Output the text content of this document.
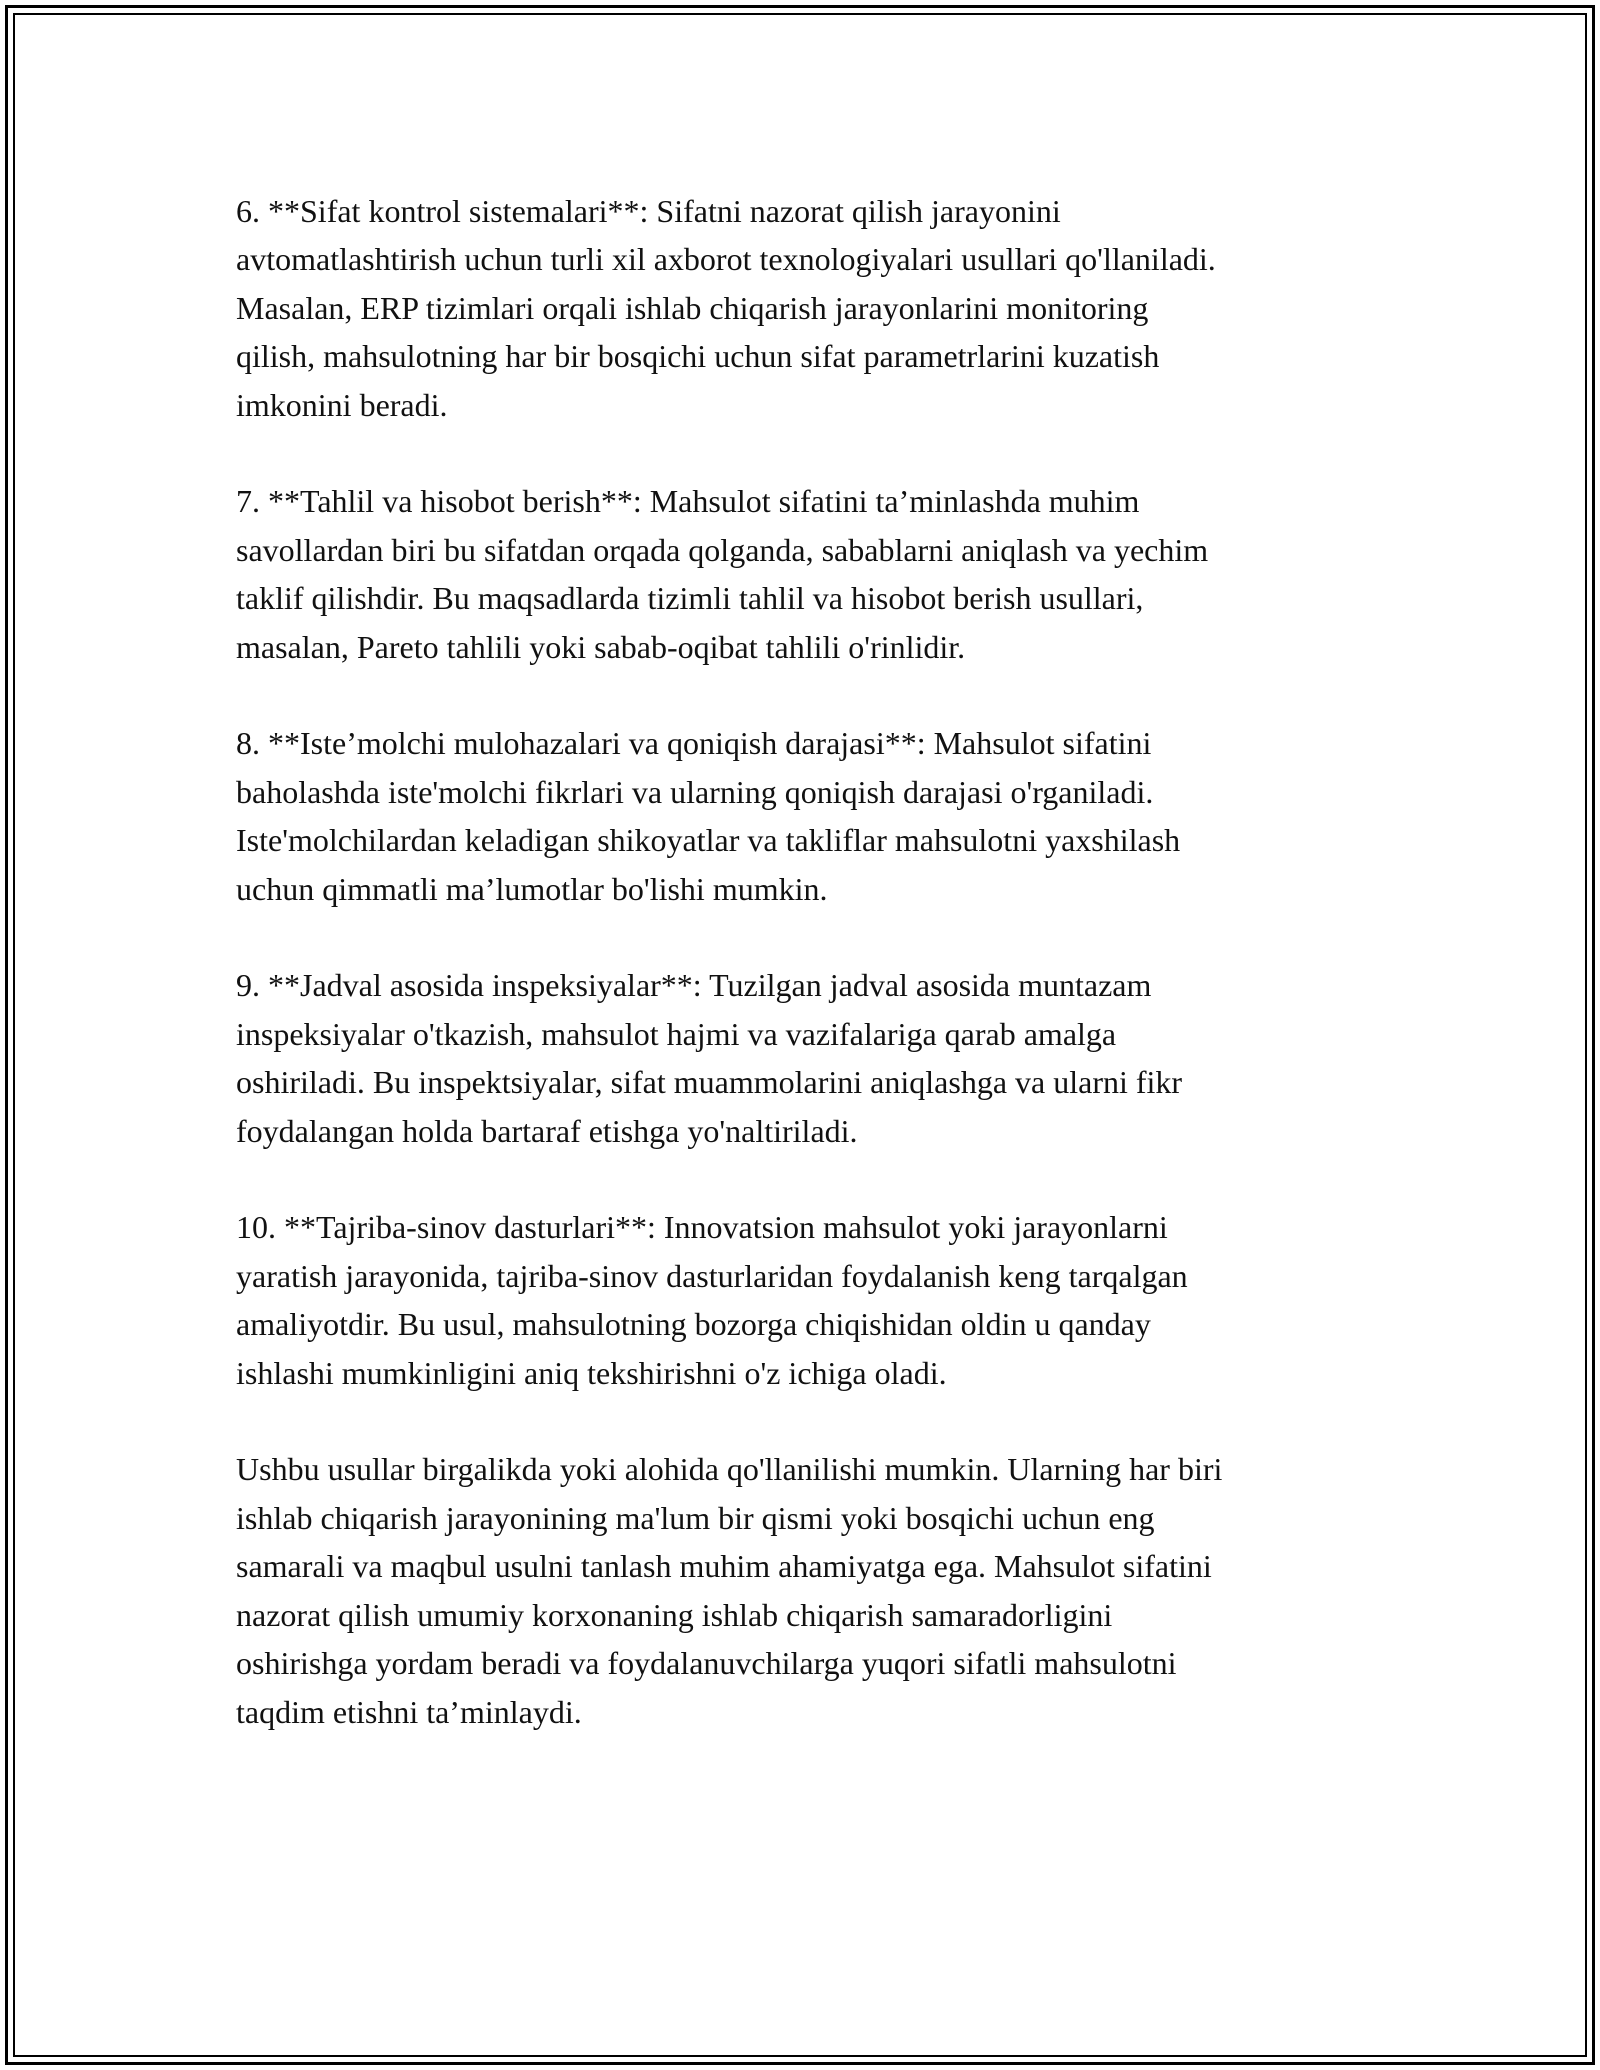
6. **Sifat kontrol sistemalari**: Sifatni nazorat qilish jarayonini
avtomatlashtirish uchun turli xil axborot texnologiyalari usullari qo'llaniladi.
Masalan, ERP tizimlari orqali ishlab chiqarish jarayonlarini monitoring
qilish, mahsulotning har bir bosqichi uchun sifat parametrlarini kuzatish
imkonini beradi.

7. **Tahlil va hisobot berish**: Mahsulot sifatini ta’minlashda muhim
savollardan biri bu sifatdan orqada qolganda, sabablarni aniqlash va yechim
taklif qilishdir. Bu maqsadlarda tizimli tahlil va hisobot berish usullari,
masalan, Pareto tahlili yoki sabab-oqibat tahlili o'rinlidir.

8. **Iste’molchi mulohazalari va qoniqish darajasi**: Mahsulot sifatini
baholashda iste'molchi fikrlari va ularning qoniqish darajasi o'rganiladi.
Iste'molchilardan keladigan shikoyatlar va takliflar mahsulotni yaxshilash
uchun qimmatli ma’lumotlar bo'lishi mumkin.

9. **Jadval asosida inspeksiyalar**: Tuzilgan jadval asosida muntazam
inspeksiyalar o'tkazish, mahsulot hajmi va vazifalariga qarab amalga
oshiriladi. Bu inspektsiyalar, sifat muammolarini aniqlashga va ularni fikr
foydalangan holda bartaraf etishga yo'naltiriladi.

10. **Tajriba-sinov dasturlari**: Innovatsion mahsulot yoki jarayonlarni
yaratish jarayonida, tajriba-sinov dasturlaridan foydalanish keng tarqalgan
amaliyotdir. Bu usul, mahsulotning bozorga chiqishidan oldin u qanday
ishlashi mumkinligini aniq tekshirishni o'z ichiga oladi.

Ushbu usullar birgalikda yoki alohida qo'llanilishi mumkin. Ularning har biri
ishlab chiqarish jarayonining ma'lum bir qismi yoki bosqichi uchun eng
samarali va maqbul usulni tanlash muhim ahamiyatga ega. Mahsulot sifatini
nazorat qilish umumiy korxonaning ishlab chiqarish samaradorligini
oshirishga yordam beradi va foydalanuvchilarga yuqori sifatli mahsulotni
taqdim etishni ta’minlaydi.
